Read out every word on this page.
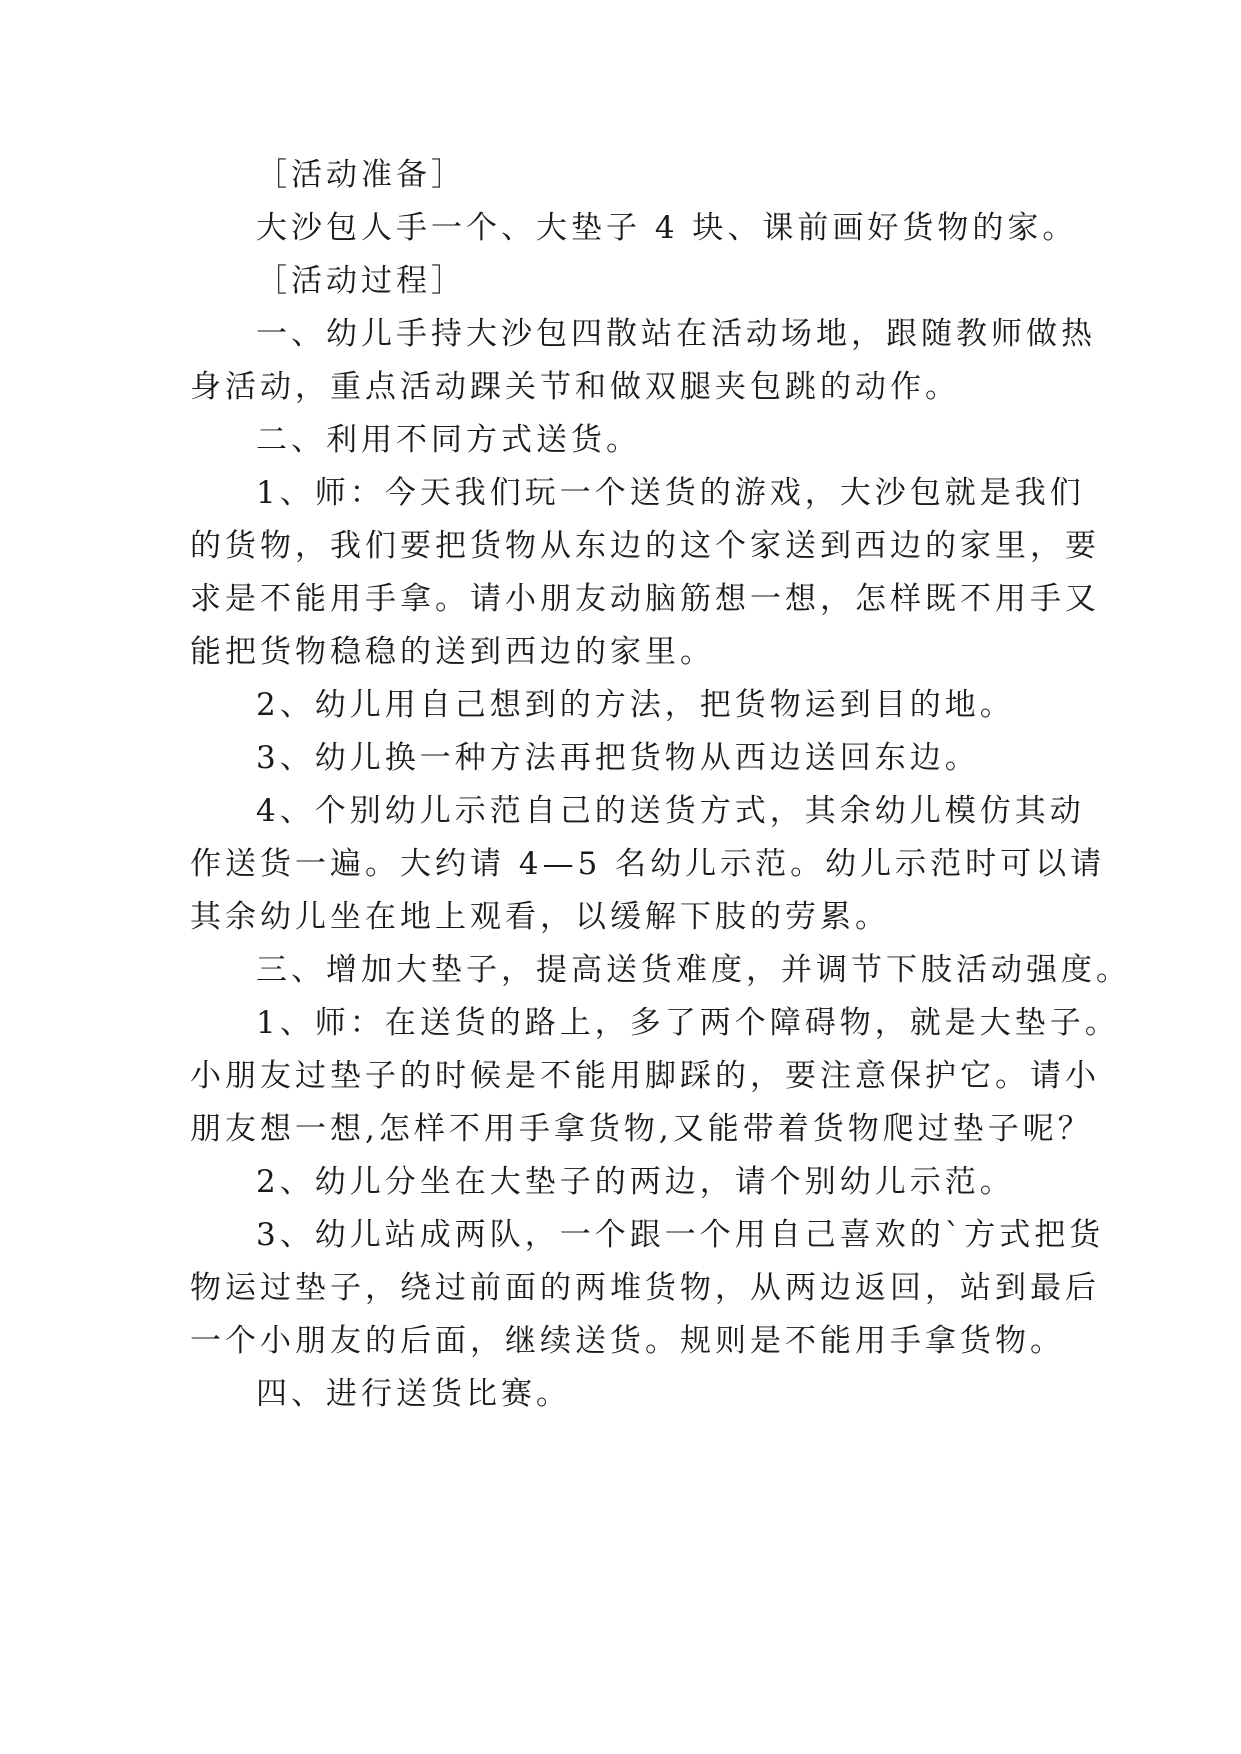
［活动准备］
大沙包人手一个、大垫子 4 块、课前画好货物的家。
［活动过程］
一、幼儿手持大沙包四散站在活动场地，跟随教师做热
身活动，重点活动踝关节和做双腿夹包跳的动作。
二、利用不同方式送货。
1、师：今天我们玩一个送货的游戏，大沙包就是我们
的货物，我们要把货物从东边的这个家送到西边的家里，要
求是不能用手拿。请小朋友动脑筋想一想，怎样既不用手又
能把货物稳稳的送到西边的家里。
2、幼儿用自己想到的方法，把货物运到目的地。
3、幼儿换一种方法再把货物从西边送回东边。
4、个别幼儿示范自己的送货方式，其余幼儿模仿其动
作送货一遍。大约请 4—5 名幼儿示范。幼儿示范时可以请
其余幼儿坐在地上观看，以缓解下肢的劳累。
三、增加大垫子，提高送货难度，并调节下肢活动强度。
1、师：在送货的路上，多了两个障碍物，就是大垫子。
小朋友过垫子的时候是不能用脚踩的，要注意保护它。请小
朋友想一想,怎样不用手拿货物,又能带着货物爬过垫子呢？
2、幼儿分坐在大垫子的两边，请个别幼儿示范。
3、幼儿站成两队，一个跟一个用自己喜欢的`方式把货
物运过垫子，绕过前面的两堆货物，从两边返回，站到最后
一个小朋友的后面，继续送货。规则是不能用手拿货物。
四、进行送货比赛。
